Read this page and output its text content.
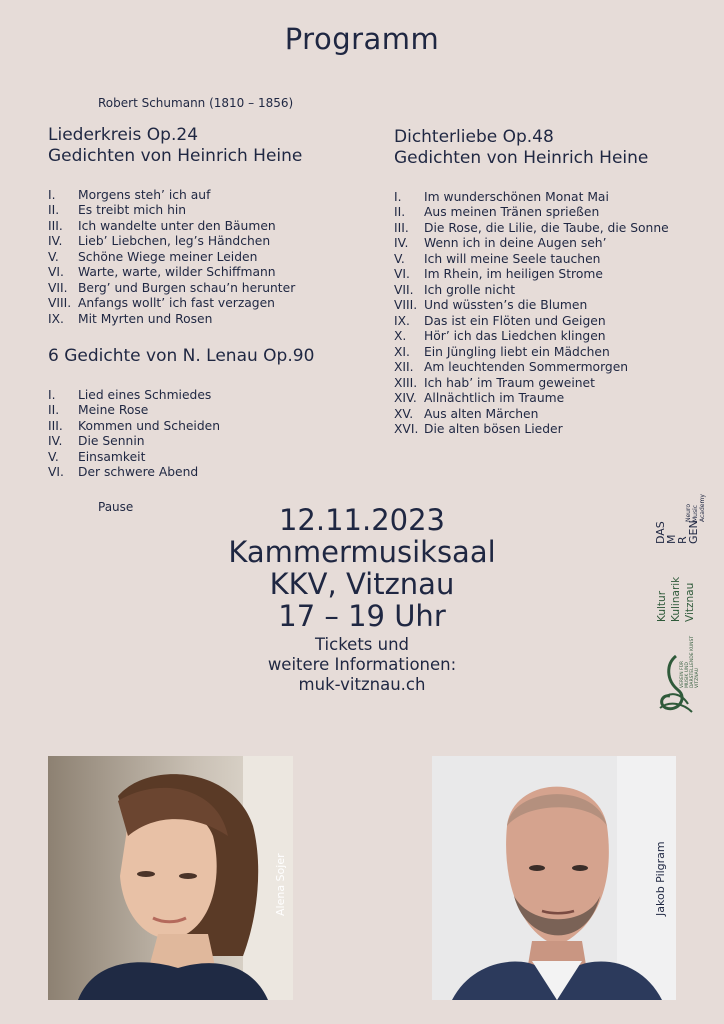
Programm
Robert Schumann (1810 – 1856)
Liederkreis Op.24
Gedichten von Heinrich Heine
I.	Morgens steh’ ich auf
II.	Es treibt mich hin
III.	Ich wandelte unter den Bäumen
IV.	Lieb’ Liebchen, leg’s Händchen
V.	Schöne Wiege meiner Leiden
VI.	Warte, warte, wilder Schiffmann
VII. Berg’ und Burgen schau’n herunter
VIII. Anfangs wollt’ ich fast verzagen
IX.	Mit Myrten und Rosen
6 Gedichte von N. Lenau Op.90
I.	Lied eines Schmiedes
II.	Meine Rose
III.	Kommen und Scheiden
IV.	Die Sennin
V.	Einsamkeit
VI.	Der schwere Abend
Pause
Dichterliebe Op.48
Gedichten von Heinrich Heine
I.	Im wunderschönen Monat Mai
II.	Aus meinen Tränen sprießen
III.	Die Rose, die Lilie, die Taube, die Sonne
IV.	Wenn ich in deine Augen seh’
V.	Ich will meine Seele tauchen
VI.	Im Rhein, im heiligen Strome
VII. Ich grolle nicht
VIII. Und wüssten’s die Blumen
IX.	Das ist ein Flöten und Geigen
X.	Hör’ ich das Liedchen klingen
XI.	Ein Jüngling liebt ein Mädchen
XII. Am leuchtenden Sommermorgen
XIII. Ich hab’ im Traum geweinet
XIV. Allnächtlich im Traume
XV. Aus alten Märchen
XVI. Die alten bösen Lieder
12.11.2023
Kammermusiksaal
KKV, Vitznau
17 – 19 Uhr
Tickets und
weitere Informationen:
muk-vitznau.ch
DAS
M
R
GEN
Neuro Music Academy
Kultur Kulinarik Vitznau
VEREIN FÜR MUSIK UND DARSTELLENDE KUNST VITZNAU
Alena Sojer	Jakob Pilgram
